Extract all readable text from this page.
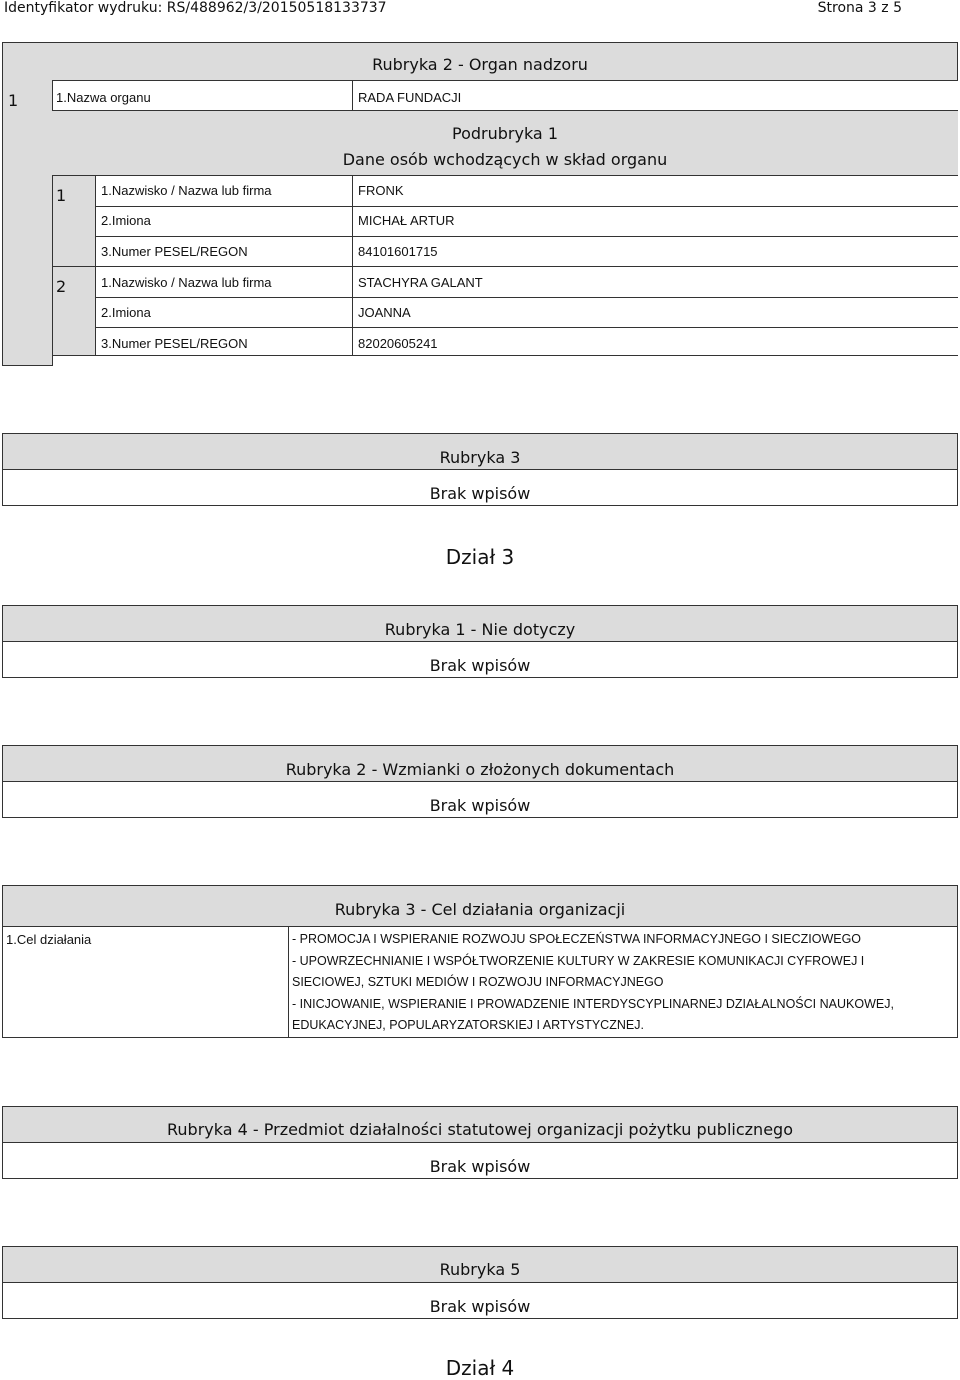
Identyfikator wydruku: RS/488962/3/20150518133737	Strona 3 z 5
Rubryka 2 - Organ nadzoru
1	1.Nazwa organu	RADA FUNDACJI
Podrubryka 1
Dane osób wchodzących w skład organu
1	1.Nazwisko / Nazwa lub firma	FRONK
2.Imiona	MICHAŁ ARTUR
3.Numer PESEL/REGON	84101601715
2	1.Nazwisko / Nazwa lub firma	STACHYRA GALANT
2.Imiona	JOANNA
3.Numer PESEL/REGON	82020605241
Rubryka 3
Brak wpisów
Dział 3
Rubryka 1 - Nie dotyczy
Brak wpisów
Rubryka 2 - Wzmianki o złożonych dokumentach
Brak wpisów
Rubryka 3 - Cel działania organizacji
1.Cel działania	- PROMOCJA I WSPIERANIE ROZWOJU SPOŁECZEŃSTWA INFORMACYJNEGO I SIECZIOWEGO
- UPOWRZECHNIANIE I WSPÓŁTWORZENIE KULTURY W ZAKRESIE KOMUNIKACJI CYFROWEJ I
SIECIOWEJ, SZTUKI MEDIÓW I ROZWOJU INFORMACYJNEGO
- INICJOWANIE, WSPIERANIE I PROWADZENIE INTERDYSCYPLINARNEJ DZIAŁALNOŚCI NAUKOWEJ,
EDUKACYJNEJ, POPULARYZATORSKIEJ I ARTYSTYCZNEJ.
Rubryka 4 - Przedmiot działalności statutowej organizacji pożytku publicznego
Brak wpisów
Rubryka 5
Brak wpisów
Dział 4
